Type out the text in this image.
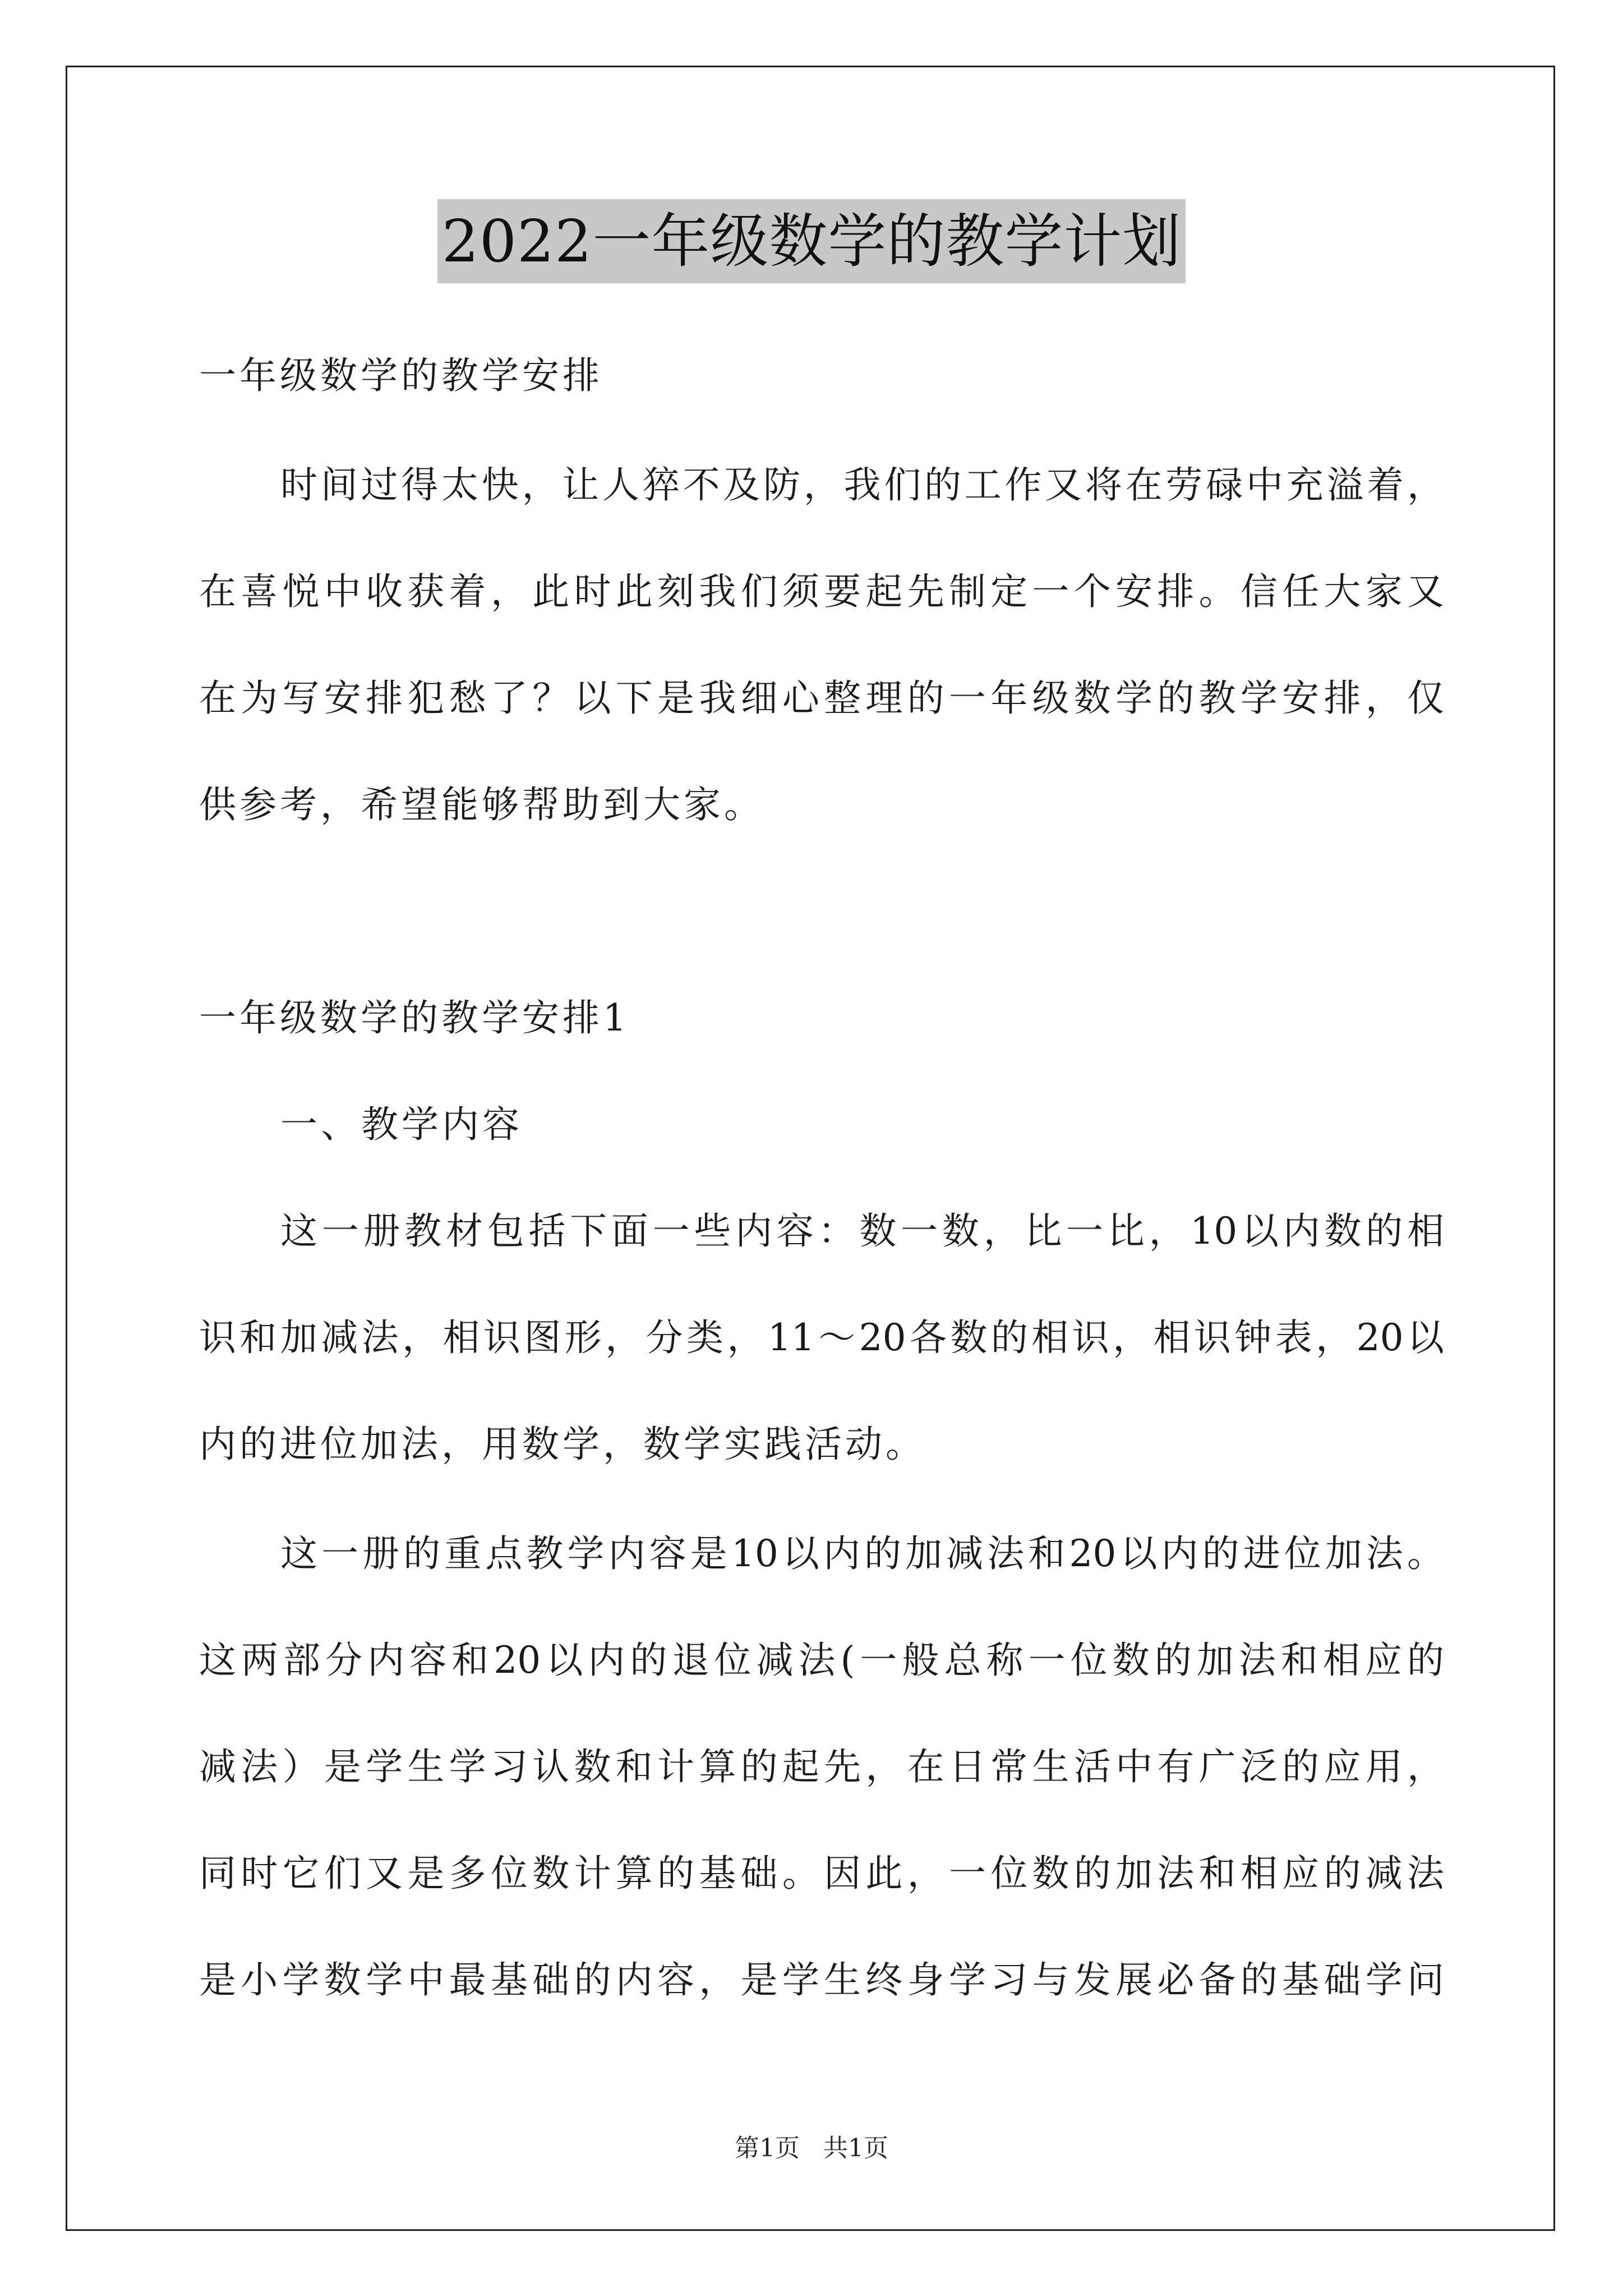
2022一年级数学的教学计划
一年级数学的教学安排
时间过得太快，让人猝不及防，我们的工作又将在劳碌中充溢着，
在喜悦中收获着，此时此刻我们须要起先制定一个安排。信任大家又
在为写安排犯愁了？以下是我细心整理的一年级数学的教学安排，仅
供参考，希望能够帮助到大家。
一年级数学的教学安排1
一、教学内容
这一册教材包括下面一些内容：数一数，比一比，10以内数的相
识和加减法，相识图形，分类，11～20各数的相识，相识钟表，20以
内的进位加法，用数学，数学实践活动。
这一册的重点教学内容是10以内的加减法和20以内的进位加法。
这两部分内容和20以内的退位减法(一般总称一位数的加法和相应的
减法）是学生学习认数和计算的起先，在日常生活中有广泛的应用，
同时它们又是多位数计算的基础。因此，一位数的加法和相应的减法
是小学数学中最基础的内容，是学生终身学习与发展必备的基础学问
第1页 共1页
